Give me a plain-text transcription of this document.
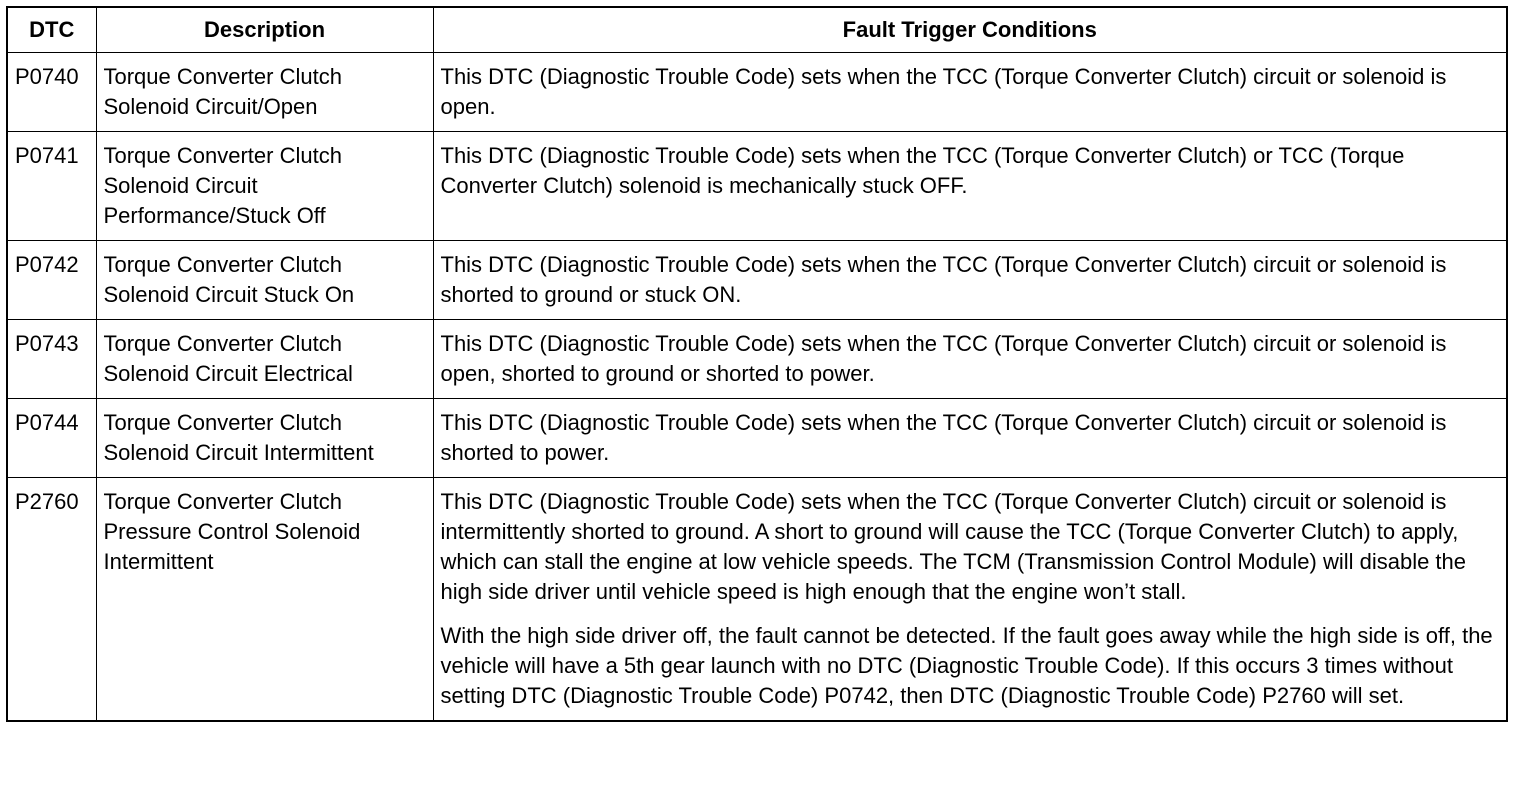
DTC	Description	Fault Trigger Conditions
P0740	Torque Converter Clutch Solenoid Circuit/Open	This DTC (Diagnostic Trouble Code) sets when the TCC (Torque Converter Clutch) circuit or solenoid is open.

P0741	Torque Converter Clutch Solenoid Circuit Performance/Stuck Off	This DTC (Diagnostic Trouble Code) sets when the TCC (Torque Converter Clutch) or TCC (Torque Converter Clutch) solenoid is mechanically stuck OFF.

P0742	Torque Converter Clutch Solenoid Circuit Stuck On	This DTC (Diagnostic Trouble Code) sets when the TCC (Torque Converter Clutch) circuit or solenoid is shorted to ground or stuck ON.

P0743	Torque Converter Clutch Solenoid Circuit Electrical	This DTC (Diagnostic Trouble Code) sets when the TCC (Torque Converter Clutch) circuit or solenoid is open, shorted to ground or shorted to power.

P0744	Torque Converter Clutch Solenoid Circuit Intermittent	This DTC (Diagnostic Trouble Code) sets when the TCC (Torque Converter Clutch) circuit or solenoid is shorted to power.

P2760	Torque Converter Clutch Pressure Control Solenoid Intermittent	This DTC (Diagnostic Trouble Code) sets when the TCC (Torque Converter Clutch) circuit or solenoid is intermittently shorted to ground. A short to ground will cause the TCC (Torque Converter Clutch) to apply, which can stall the engine at low vehicle speeds. The TCM (Transmission Control Module) will disable the high side driver until vehicle speed is high enough that the engine won’t stall.

With the high side driver off, the fault cannot be detected. If the fault goes away while the high side is off, the vehicle will have a 5th gear launch with no DTC (Diagnostic Trouble Code). If this occurs 3 times without setting DTC (Diagnostic Trouble Code) P0742, then DTC (Diagnostic Trouble Code) P2760 will set.
